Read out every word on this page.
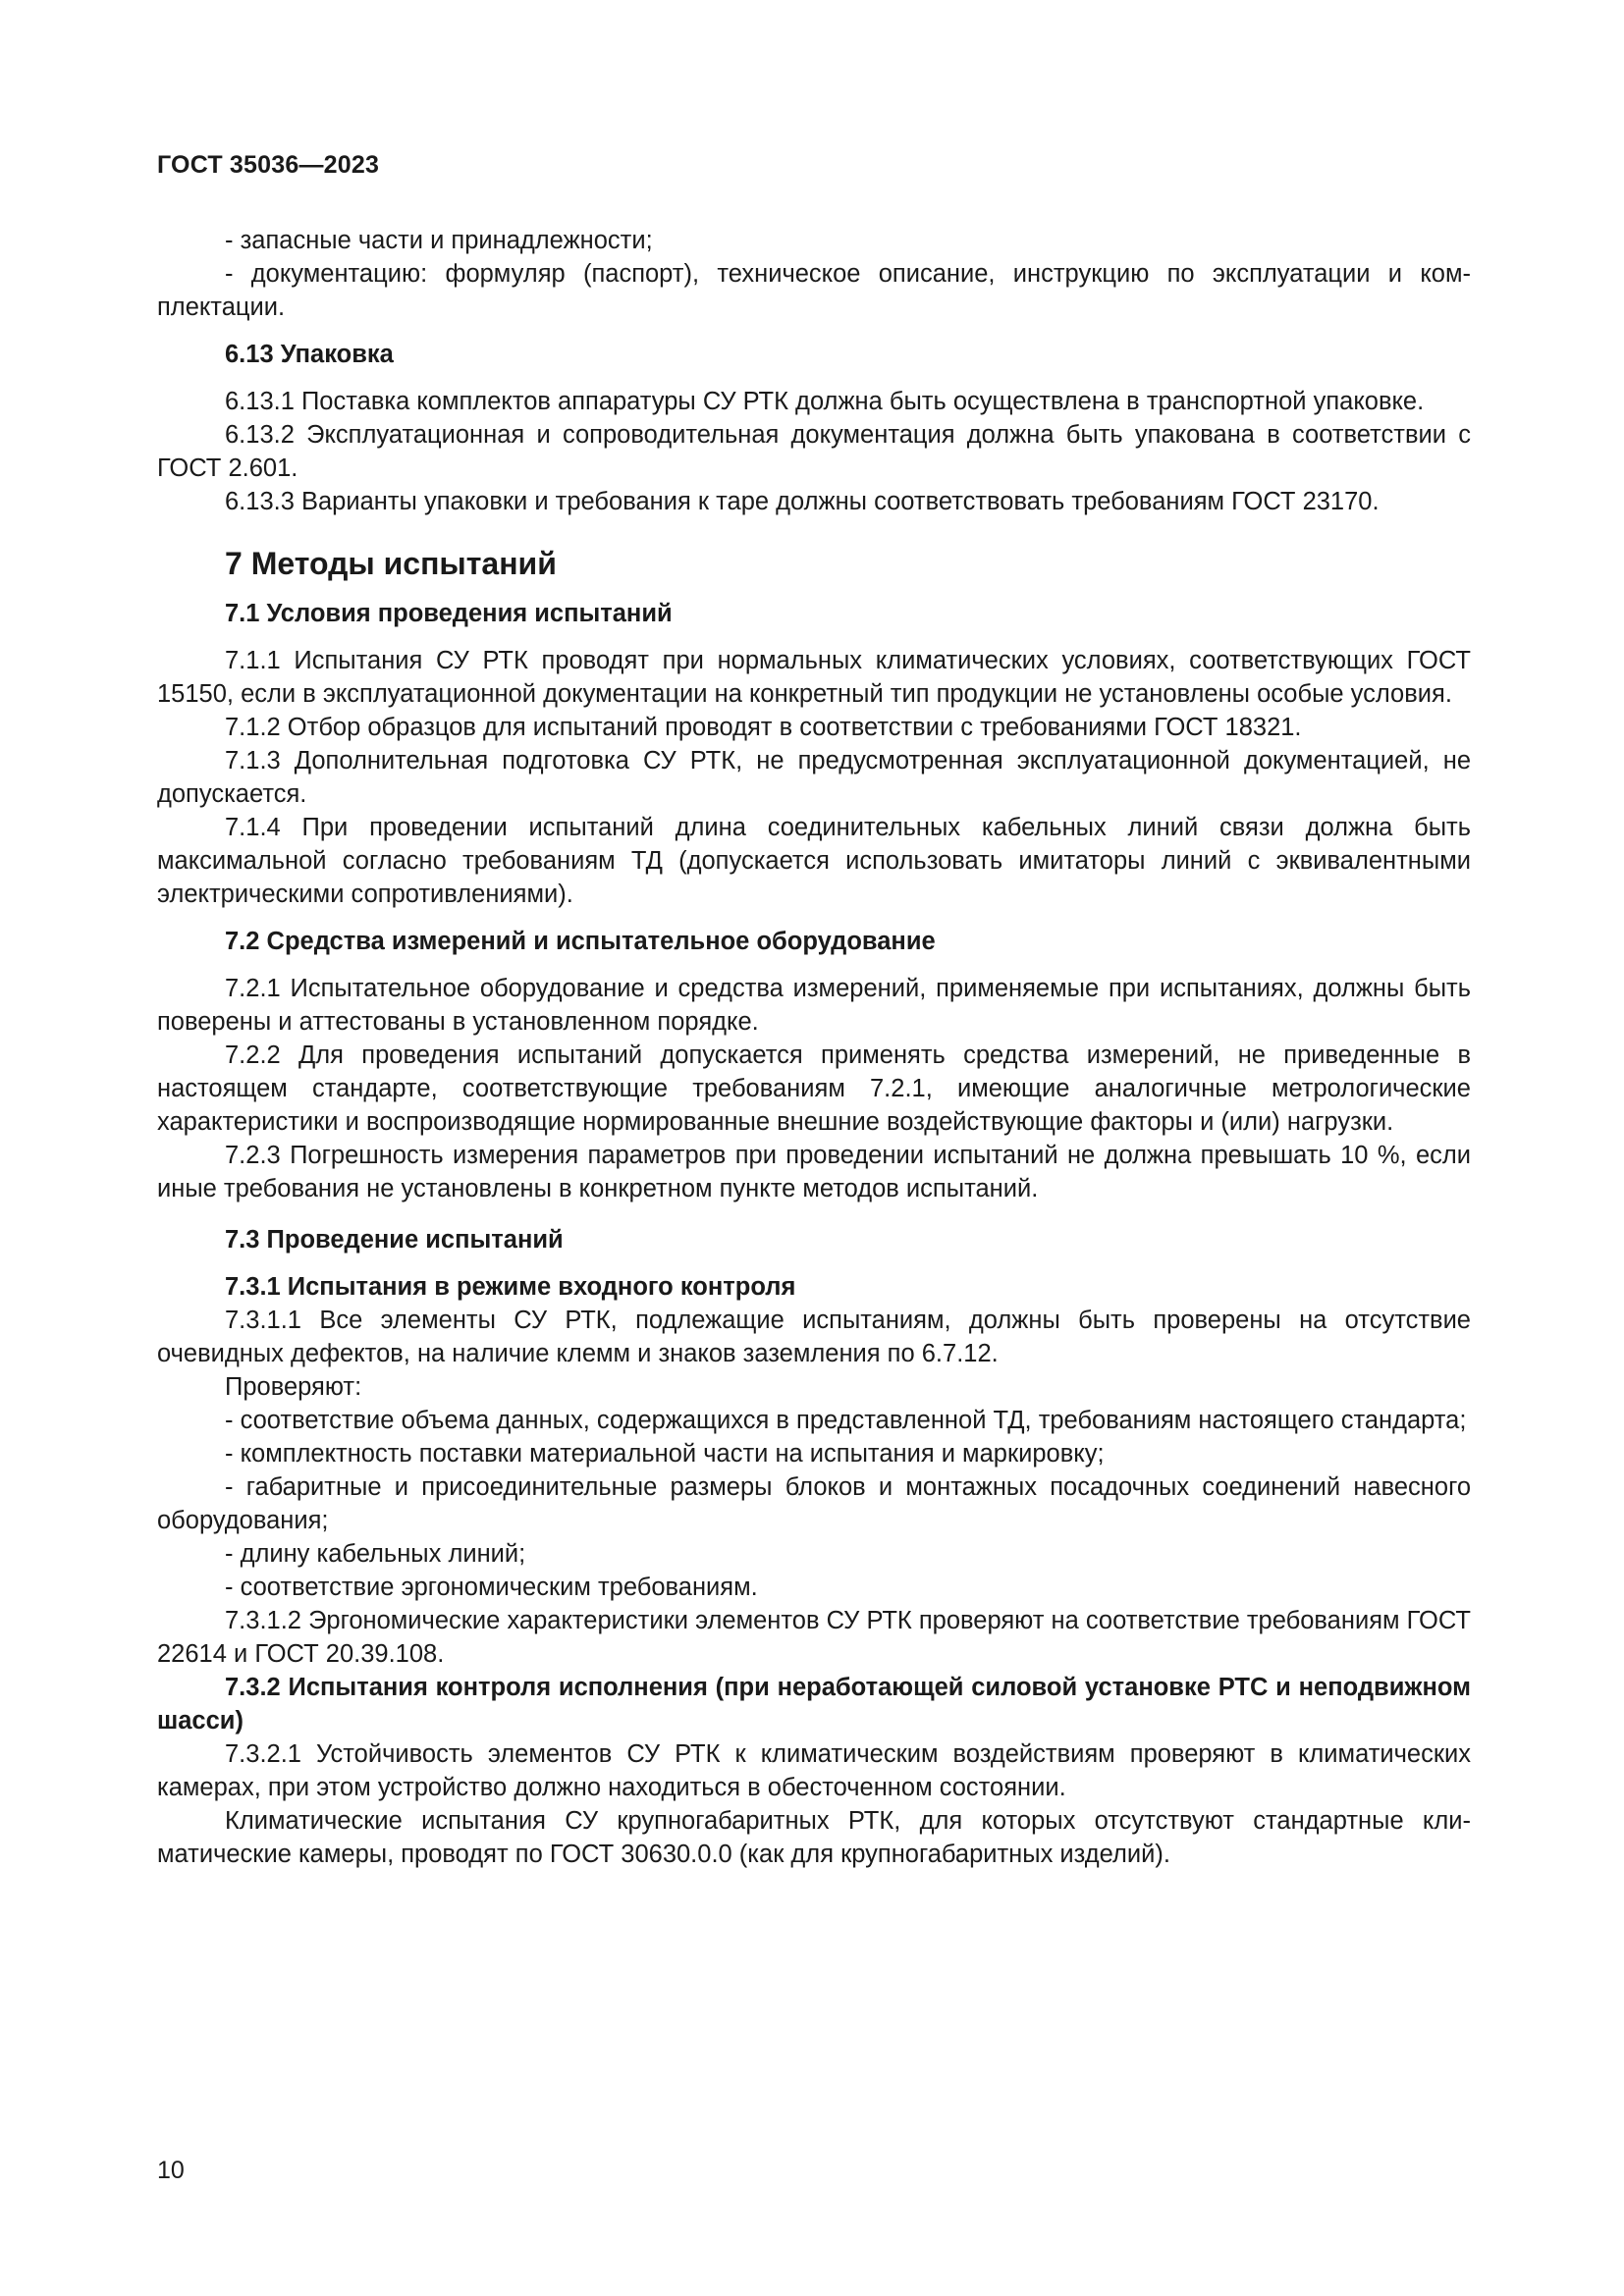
ГОСТ 35036—2023

- запасные части и принадлежности;

- документацию: формуляр (паспорт), техническое описание, инструкцию по эксплуатации и комплектации.

6.13 Упаковка

6.13.1 Поставка комплектов аппаратуры СУ РТК должна быть осуществлена в транспортной упаковке.

6.13.2 Эксплуатационная и сопроводительная документация должна быть упакована в соответствии с ГОСТ 2.601.

6.13.3 Варианты упаковки и требования к таре должны соответствовать требованиям ГОСТ 23170.

7 Методы испытаний
7.1 Условия проведения испытаний

7.1.1 Испытания СУ РТК проводят при нормальных климатических условиях, соответствующих ГОСТ 15150, если в эксплуатационной документации на конкретный тип продукции не установлены особые условия.

7.1.2 Отбор образцов для испытаний проводят в соответствии с требованиями ГОСТ 18321.

7.1.3 Дополнительная подготовка СУ РТК, не предусмотренная эксплуатационной документацией, не допускается.

7.1.4 При проведении испытаний длина соединительных кабельных линий связи должна быть максимальной согласно требованиям ТД (допускается использовать имитаторы линий с эквивалентными электрическими сопротивлениями).

7.2 Средства измерений и испытательное оборудование

7.2.1 Испытательное оборудование и средства измерений, применяемые при испытаниях, должны быть поверены и аттестованы в установленном порядке.

7.2.2 Для проведения испытаний допускается применять средства измерений, не приведенные в настоящем стандарте, соответствующие требованиям 7.2.1, имеющие аналогичные метрологические характеристики и воспроизводящие нормированные внешние воздействующие факторы и (или) нагрузки.

7.2.3 Погрешность измерения параметров при проведении испытаний не должна превышать 10 %, если иные требования не установлены в конкретном пункте методов испытаний.

7.3 Проведение испытаний
7.3.1 Испытания в режиме входного контроля

7.3.1.1 Все элементы СУ РТК, подлежащие испытаниям, должны быть проверены на отсутствие очевидных дефектов, на наличие клемм и знаков заземления по 6.7.12.

Проверяют:

- соответствие объема данных, содержащихся в представленной ТД, требованиям настоящего стандарта;

- комплектность поставки материальной части на испытания и маркировку;

- габаритные и присоединительные размеры блоков и монтажных посадочных соединений навесного оборудования;

- длину кабельных линий;

- соответствие эргономическим требованиям.

7.3.1.2 Эргономические характеристики элементов СУ РТК проверяют на соответствие требованиям ГОСТ 22614 и ГОСТ 20.39.108.

7.3.2 Испытания контроля исполнения (при неработающей силовой установке РТС и неподвижном шасси)

7.3.2.1 Устойчивость элементов СУ РТК к климатическим воздействиям проверяют в климатических камерах, при этом устройство должно находиться в обесточенном состоянии.

Климатические испытания СУ крупногабаритных РТК, для которых отсутствуют стандартные климатические камеры, проводят по ГОСТ 30630.0.0 (как для крупногабаритных изделий).

10
